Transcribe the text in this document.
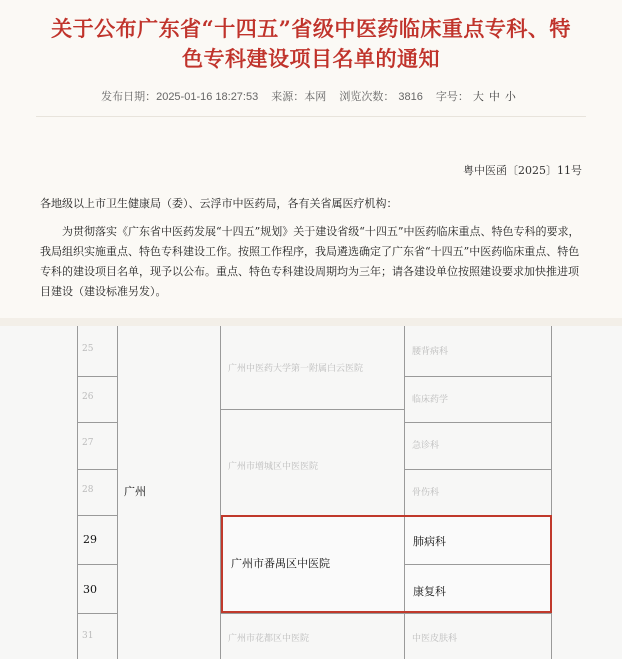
关于公布广东省“十四五”省级中医药临床重点专科、特
色专科建设项目名单的通知
发布日期：2025-01-16 18:27:53 来源：本网 浏览次数： 3816 字号： 大 中 小
粤中医函〔2025〕11号
各地级以上市卫生健康局（委）、云浮市中医药局，各有关省属医疗机构：
为贯彻落实《广东省中医药发展“十四五”规划》关于建设省级“十四五”中医药临床重点、特色专科的要求，我局组织实施重点、特色专科建设工作。按照工作程序，我局遴选确定了广东省“十四五”中医药临床重点、特色专科的建设项目名单，现予以公布。重点、特色专科建设周期均为三年；请各建设单位按照建设要求加快推进项目建设（建设标准另发）。
25
26
27
28
31
腰背病科
临床药学
急诊科
骨伤科
中医皮肤科
广州中医药大学第一附属白云医院
广州市增城区中医医院
广州市花都区中医院
广州
29
30
广州市番禺区中医院
肺病科
康复科
